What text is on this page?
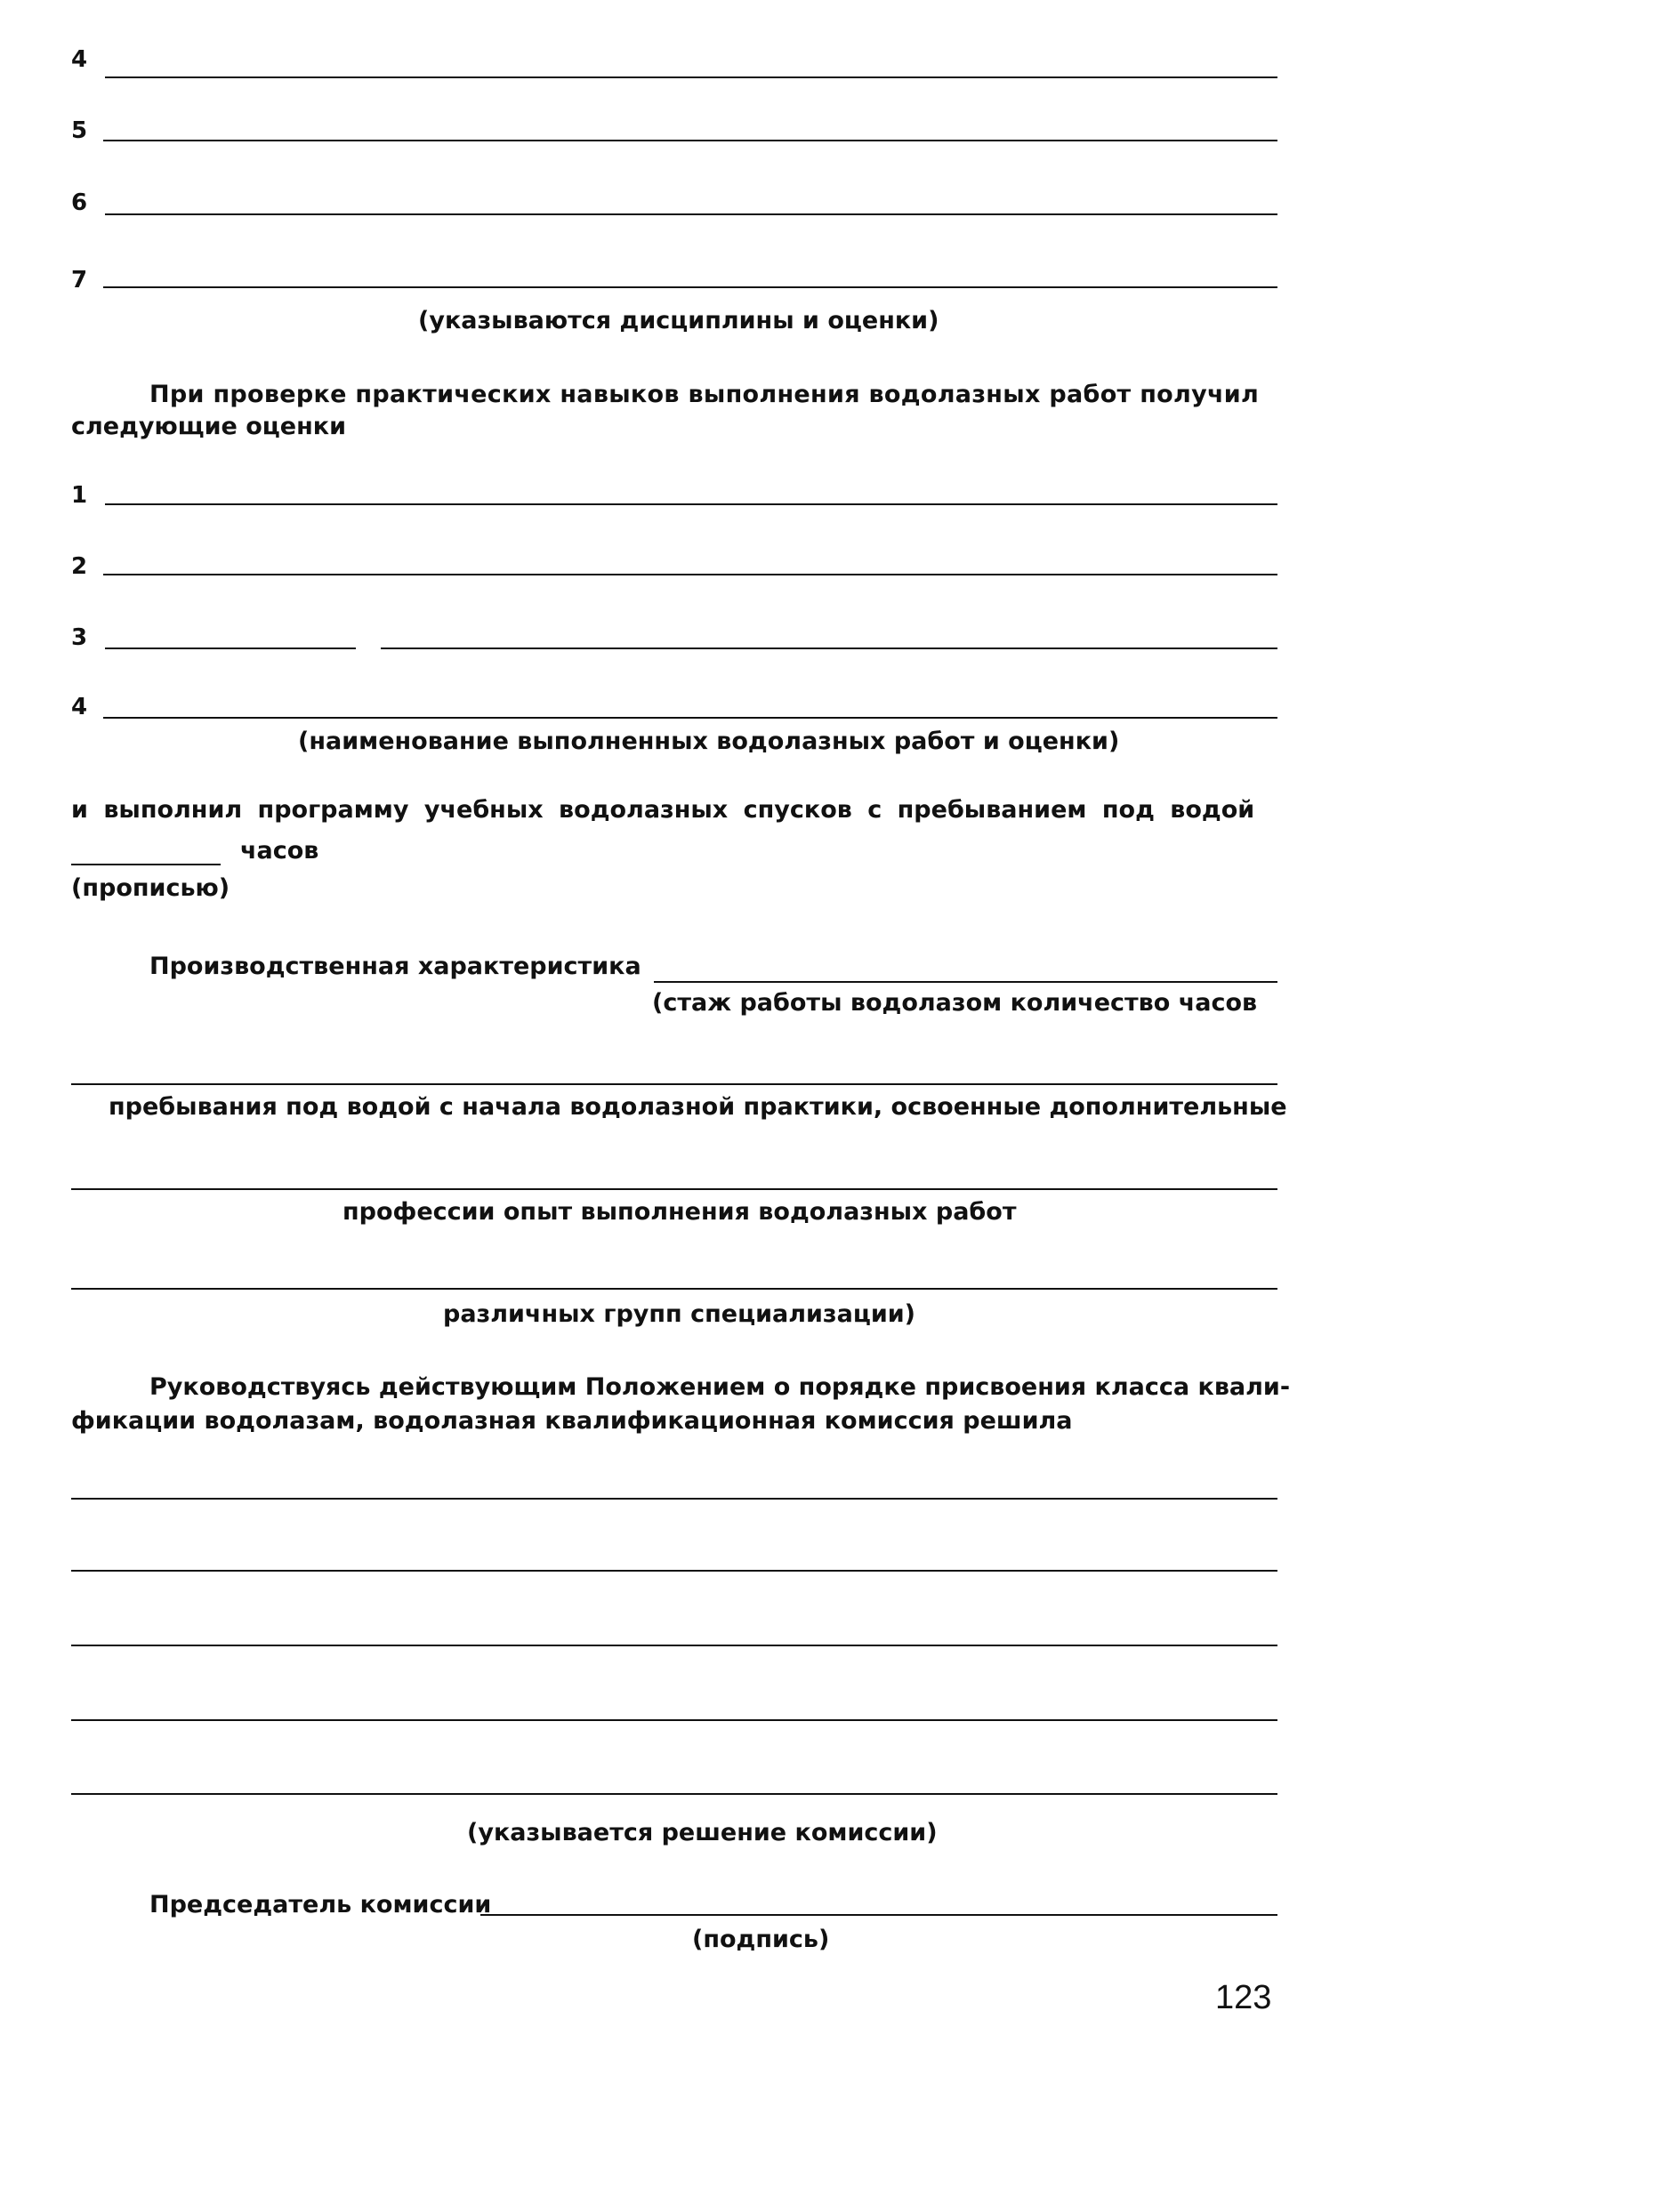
4
5
6
7
(указываются дисциплины и оценки)
При проверке практических навыков выполнения водолазных работ получил
следующие оценки
1
2
3
4
(наименование выполненных водолазных работ и оценки)
и выполнил программу учебных водолазных спусков с пребыванием под водой
часов
(прописью)
Производственная характеристика
(стаж работы водолазом количество часов
пребывания под водой с начала водолазной практики, освоенные дополнительные
профессии опыт выполнения водолазных работ
различных групп специализации)
Руководствуясь действующим Положением о порядке присвоения класса квали-
фикации водолазам, водолазная квалификационная комиссия решила
(указывается решение комиссии)
Председатель комиссии
(подпись)
123
